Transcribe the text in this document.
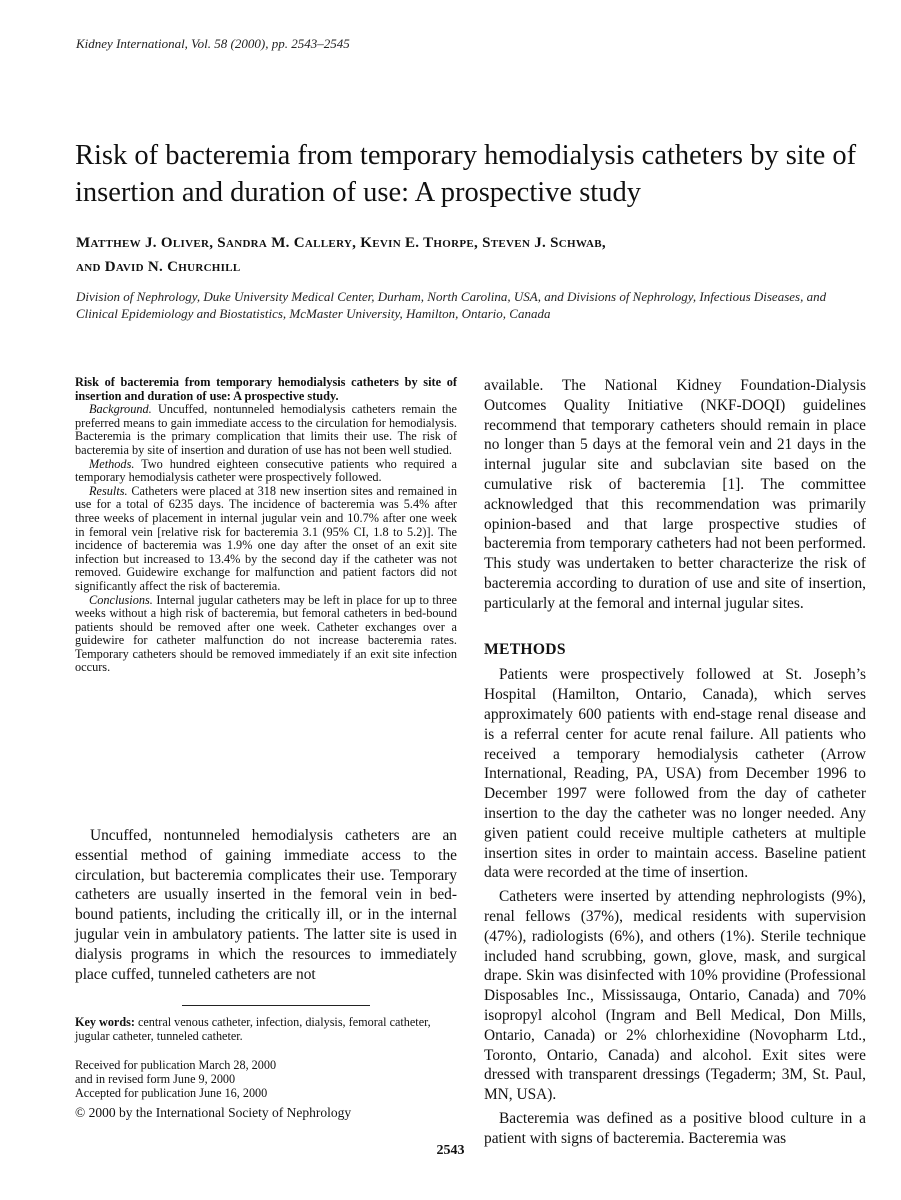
Kidney International, Vol. 58 (2000), pp. 2543–2545
Risk of bacteremia from temporary hemodialysis catheters by site of insertion and duration of use: A prospective study
Matthew J. Oliver, Sandra M. Callery, Kevin E. Thorpe, Steven J. Schwab,
and David N. Churchill
Division of Nephrology, Duke University Medical Center, Durham, North Carolina, USA, and Divisions of Nephrology, Infectious Diseases, and Clinical Epidemiology and Biostatistics, McMaster University, Hamilton, Ontario, Canada

Risk of bacteremia from temporary hemodialysis catheters by site of insertion and duration of use: A prospective study.

Background. Uncuffed, nontunneled hemodialysis catheters remain the preferred means to gain immediate access to the circulation for hemodialysis. Bacteremia is the primary complication that limits their use. The risk of bacteremia by site of insertion and duration of use has not been well studied.

Methods. Two hundred eighteen consecutive patients who required a temporary hemodialysis catheter were prospectively followed.

Results. Catheters were placed at 318 new insertion sites and remained in use for a total of 6235 days. The incidence of bacteremia was 5.4% after three weeks of placement in internal jugular vein and 10.7% after one week in femoral vein [relative risk for bacteremia 3.1 (95% CI, 1.8 to 5.2)]. The incidence of bacteremia was 1.9% one day after the onset of an exit site infection but increased to 13.4% by the second day if the catheter was not removed. Guidewire exchange for malfunction and patient factors did not significantly affect the risk of bacteremia.

Conclusions. Internal jugular catheters may be left in place for up to three weeks without a high risk of bacteremia, but femoral catheters in bed-bound patients should be removed after one week. Catheter exchanges over a guidewire for catheter malfunction do not increase bacteremia rates. Temporary catheters should be removed immediately if an exit site infection occurs.

Uncuffed, nontunneled hemodialysis catheters are an essential method of gaining immediate access to the circulation, but bacteremia complicates their use. Temporary catheters are usually inserted in the femoral vein in bed-bound patients, including the critically ill, or in the internal jugular vein in ambulatory patients. The latter site is used in dialysis programs in which the resources to immediately place cuffed, tunneled catheters are not

Key words: central venous catheter, infection, dialysis, femoral catheter, jugular catheter, tunneled catheter.

Received for publication March 28, 2000
and in revised form June 9, 2000
Accepted for publication June 16, 2000
© 2000 by the International Society of Nephrology

available. The National Kidney Foundation-Dialysis Outcomes Quality Initiative (NKF-DOQI) guidelines recommend that temporary catheters should remain in place no longer than 5 days at the femoral vein and 21 days in the internal jugular site and subclavian site based on the cumulative risk of bacteremia [1]. The committee acknowledged that this recommendation was primarily opinion-based and that large prospective studies of bacteremia from temporary catheters had not been performed. This study was undertaken to better characterize the risk of bacteremia according to duration of use and site of insertion, particularly at the femoral and internal jugular sites.

METHODS

Patients were prospectively followed at St. Joseph’s Hospital (Hamilton, Ontario, Canada), which serves approximately 600 patients with end-stage renal disease and is a referral center for acute renal failure. All patients who received a temporary hemodialysis catheter (Arrow International, Reading, PA, USA) from December 1996 to December 1997 were followed from the day of catheter insertion to the day the catheter was no longer needed. Any given patient could receive multiple catheters at multiple insertion sites in order to maintain access. Baseline patient data were recorded at the time of insertion.

Catheters were inserted by attending nephrologists (9%), renal fellows (37%), medical residents with supervision (47%), radiologists (6%), and others (1%). Sterile technique included hand scrubbing, gown, glove, mask, and surgical drape. Skin was disinfected with 10% providine (Professional Disposables Inc., Mississauga, Ontario, Canada) and 70% isopropyl alcohol (Ingram and Bell Medical, Don Mills, Ontario, Canada) or 2% chlorhexidine (Novopharm Ltd., Toronto, Ontario, Canada) and alcohol. Exit sites were dressed with transparent dressings (Tegaderm; 3M, St. Paul, MN, USA).

Bacteremia was defined as a positive blood culture in a patient with signs of bacteremia. Bacteremia was

2543
